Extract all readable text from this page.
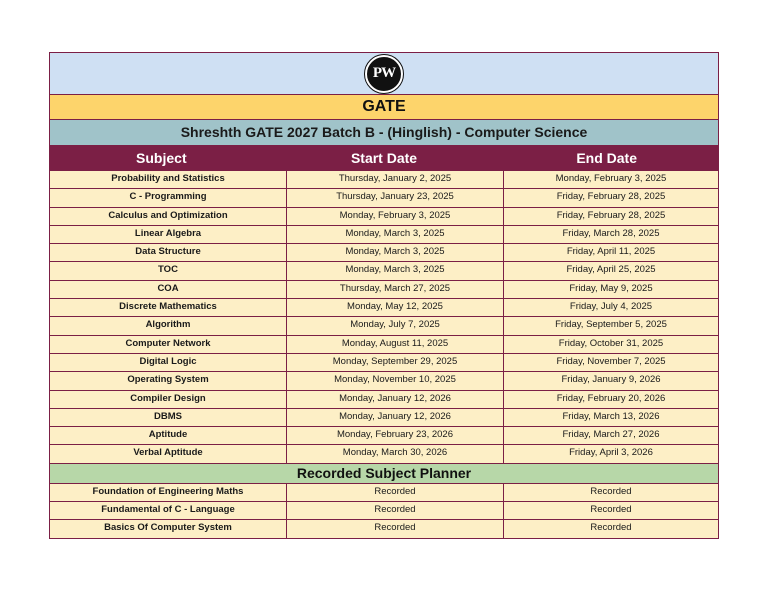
PW
GATE
Shreshth GATE 2027 Batch B - (Hinglish) - Computer Science
Subject	Start Date	End Date
Probability and Statistics	Thursday, January 2, 2025	Monday, February 3, 2025
C - Programming	Thursday, January 23, 2025	Friday, February 28, 2025
Calculus and Optimization	Monday, February 3, 2025	Friday, February 28, 2025
Linear Algebra	Monday, March 3, 2025	Friday, March 28, 2025
Data Structure	Monday, March 3, 2025	Friday, April 11, 2025
TOC	Monday, March 3, 2025	Friday, April 25, 2025
COA	Thursday, March 27, 2025	Friday, May 9, 2025
Discrete Mathematics	Monday, May 12, 2025	Friday, July 4, 2025
Algorithm	Monday, July 7, 2025	Friday, September 5, 2025
Computer Network	Monday, August 11, 2025	Friday, October 31, 2025
Digital Logic	Monday, September 29, 2025	Friday, November 7, 2025
Operating System	Monday, November 10, 2025	Friday, January 9, 2026
Compiler Design	Monday, January 12, 2026	Friday, February 20, 2026
DBMS	Monday, January 12, 2026	Friday, March 13, 2026
Aptitude	Monday, February 23, 2026	Friday, March 27, 2026
Verbal Aptitude	Monday, March 30, 2026	Friday, April 3, 2026
Recorded Subject Planner
Foundation of Engineering Maths	Recorded	Recorded
Fundamental of C - Language	Recorded	Recorded
Basics Of Computer System	Recorded	Recorded
